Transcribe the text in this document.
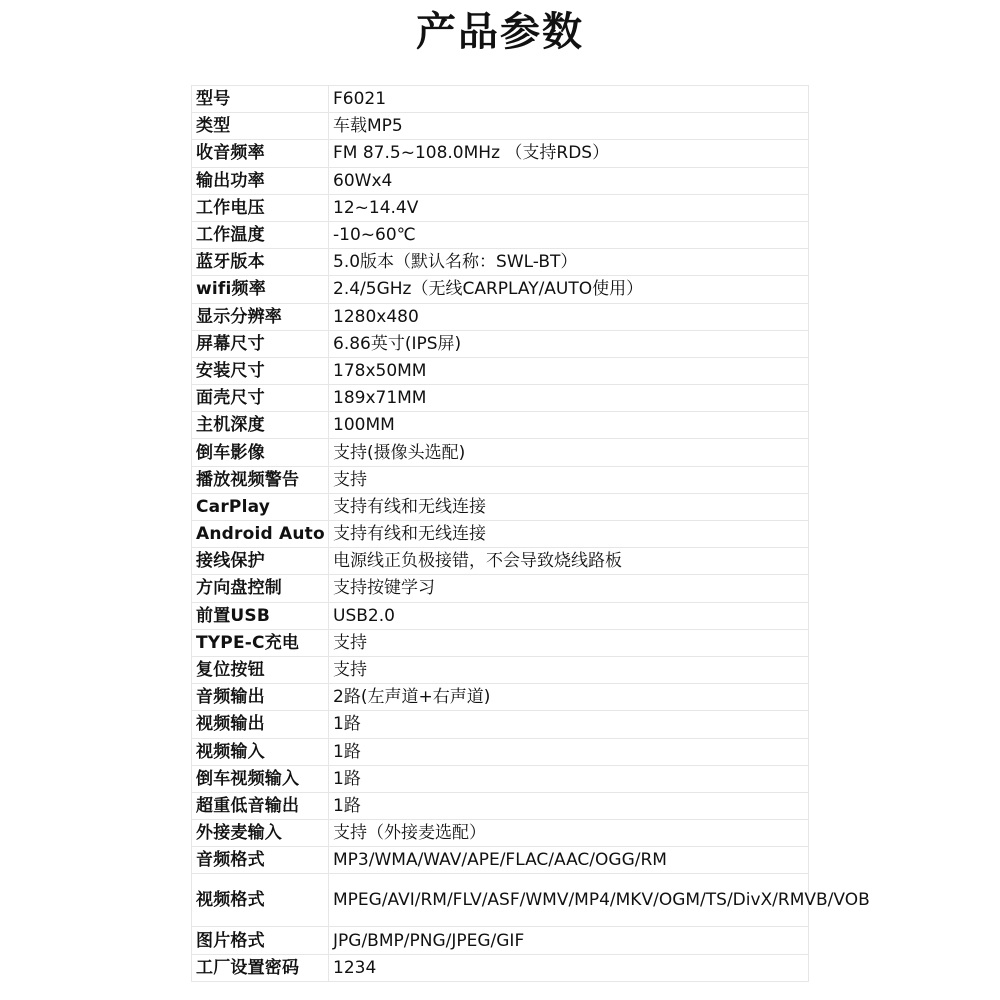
产品参数
型号	F6021
类型	车载MP5
收音频率	FM 87.5~108.0MHz （支持RDS）
输出功率	60Wx4
工作电压	12~14.4V
工作温度	-10~60℃
蓝牙版本	5.0版本（默认名称：SWL-BT）
wifi频率	2.4/5GHz（无线CARPLAY/AUTO使用）
显示分辨率	1280x480
屏幕尺寸	6.86英寸(IPS屏)
安装尺寸	178x50MM
面壳尺寸	189x71MM
主机深度	100MM
倒车影像	支持(摄像头选配)
播放视频警告	支持
CarPlay	支持有线和无线连接
Android Auto	支持有线和无线连接
接线保护	电源线正负极接错，不会导致烧线路板
方向盘控制	支持按键学习
前置USB	USB2.0
TYPE-C充电	支持
复位按钮	支持
音频输出	2路(左声道+右声道)
视频输出	1路
视频输入	1路
倒车视频输入	1路
超重低音输出	1路
外接麦输入	支持（外接麦选配）
音频格式	MP3/WMA/WAV/APE/FLAC/AAC/OGG/RM
视频格式	MPEG/AVI/RM/FLV/ASF/WMV/MP4/MKV/OGM/TS/DivX/RMVB/VOB
图片格式	JPG/BMP/PNG/JPEG/GIF
工厂设置密码	1234
